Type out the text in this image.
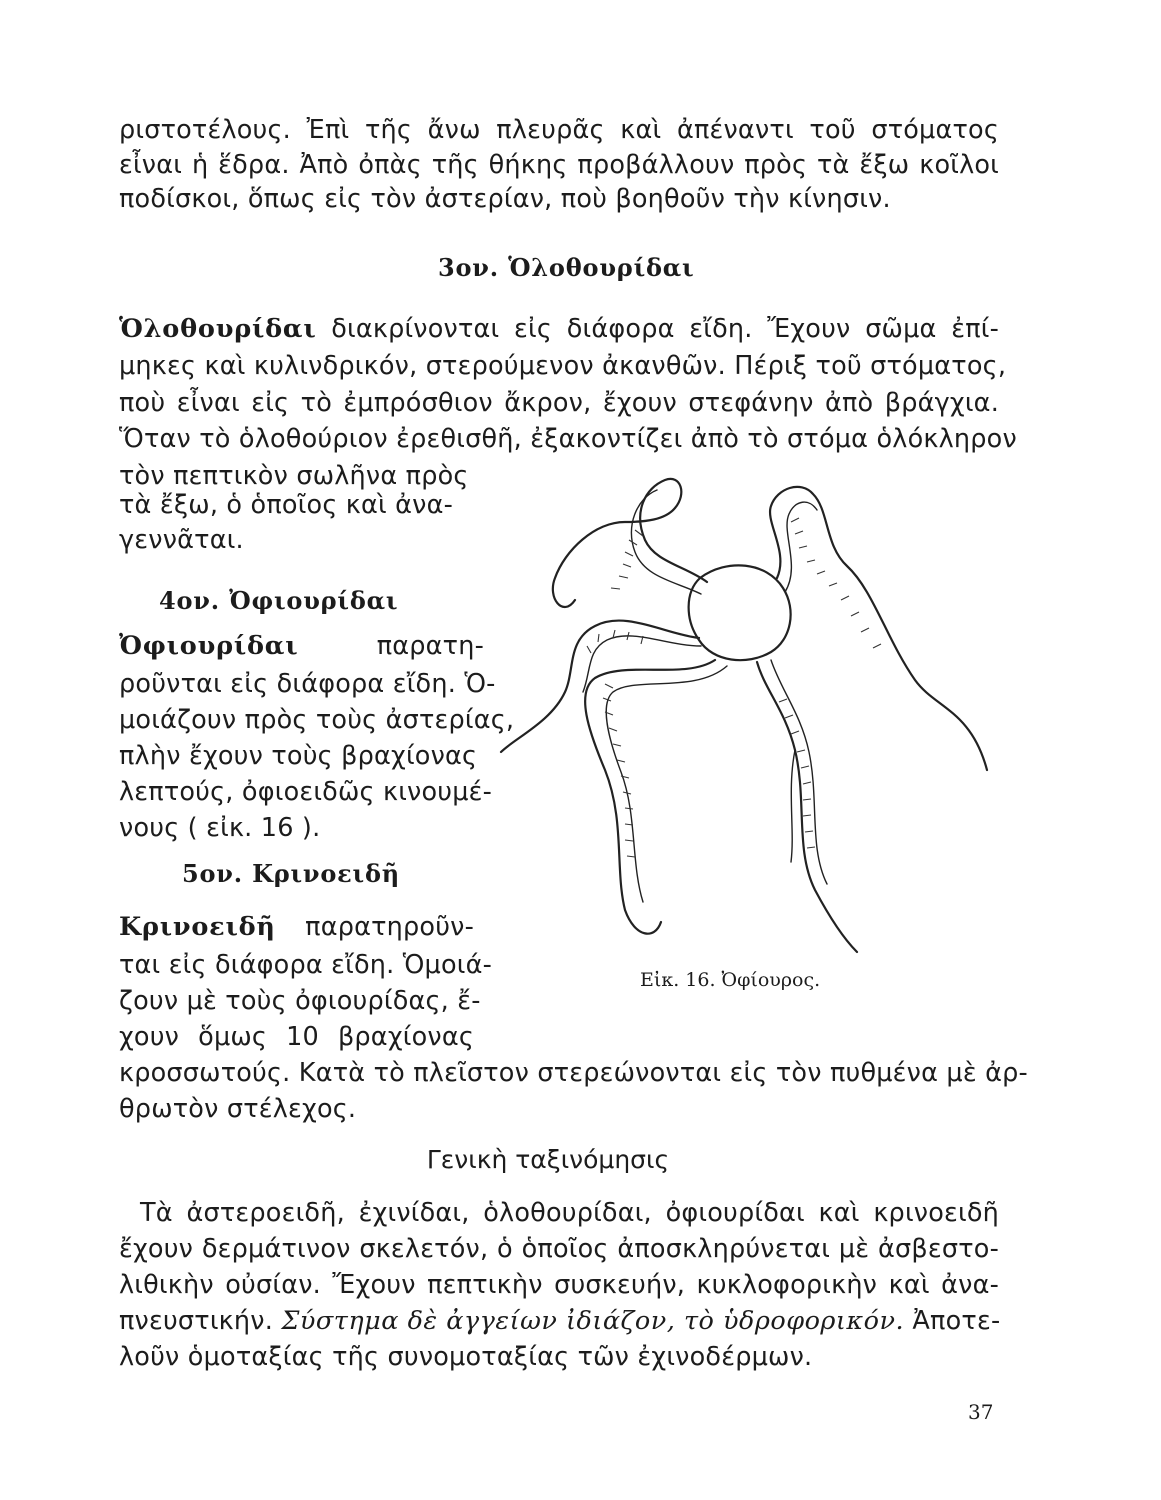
ριστοτέλους. Ἐπὶ τῆς ἄνω πλευρᾶς καὶ ἀπέναντι τοῦ στόματος
εἶναι ἡ ἕδρα. Ἀπὸ ὀπὰς τῆς θήκης προβάλλουν πρὸς τὰ ἔξω κοῖλοι
ποδίσκοι, ὅπως εἰς τὸν ἀστερίαν, ποὺ βοηθοῦν τὴν κίνησιν.
3ον. Ὁλοθουρίδαι
Ὁλοθουρίδαι διακρίνονται εἰς διάφορα εἴδη. Ἔχουν σῶμα ἐπί-
μηκες καὶ κυλινδρικόν, στερούμενον ἀκανθῶν. Πέριξ τοῦ στόματος,
ποὺ εἶναι εἰς τὸ ἐμπρόσθιον ἄκρον, ἔχουν στεφάνην ἀπὸ βράγχια.
Ὅταν τὸ ὁλοθούριον ἐρεθισθῆ, ἐξακοντίζει ἀπὸ τὸ στόμα ὁλόκληρον
τὸν πεπτικὸν σωλῆνα πρὸς
τὰ ἔξω, ὁ ὁποῖος καὶ ἀνα-
γεννᾶται.
4ον. Ὀφιουρίδαι
Ὀφιουρίδαι	παρατη-
ροῦνται εἰς διάφορα εἴδη. Ὁ-
μοιάζουν πρὸς τοὺς ἀστερίας,
πλὴν ἔχουν τοὺς βραχίονας
λεπτούς, ὀφιοειδῶς κινουμέ-
νους ( εἰκ. 16 ).
5ον. Κρινοειδῆ
Κρινοειδῆ παρατηροῦν-
ται εἰς διάφορα εἴδη. Ὁμοιά-
ζουν μὲ τοὺς ὀφιουρίδας, ἔ-
χουν ὅμως 10 βραχίονας
κροσσωτούς. Κατὰ τὸ πλεῖστον στερεώνονται εἰς τὸν πυθμένα μὲ ἀρ-
θρωτὸν στέλεχος.
Εἰκ. 16. Ὀφίουρος.
Γενικὴ ταξινόμησις
Τὰ ἀστεροειδῆ, ἐχινίδαι, ὁλοθουρίδαι, ὀφιουρίδαι καὶ κρινοειδῆ
ἔχουν δερμάτινον σκελετόν, ὁ ὁποῖος ἀποσκληρύνεται μὲ ἀσβεστο-
λιθικὴν οὐσίαν. Ἔχουν πεπτικὴν συσκευήν, κυκλοφορικὴν καὶ ἀνα-
πνευστικήν. Σύστημα δὲ ἀγγείων ἰδιάζον, τὸ ὑδροφορικόν. Ἀποτε-
λοῦν ὁμοταξίας τῆς συνομοταξίας τῶν ἐχινοδέρμων.
37
